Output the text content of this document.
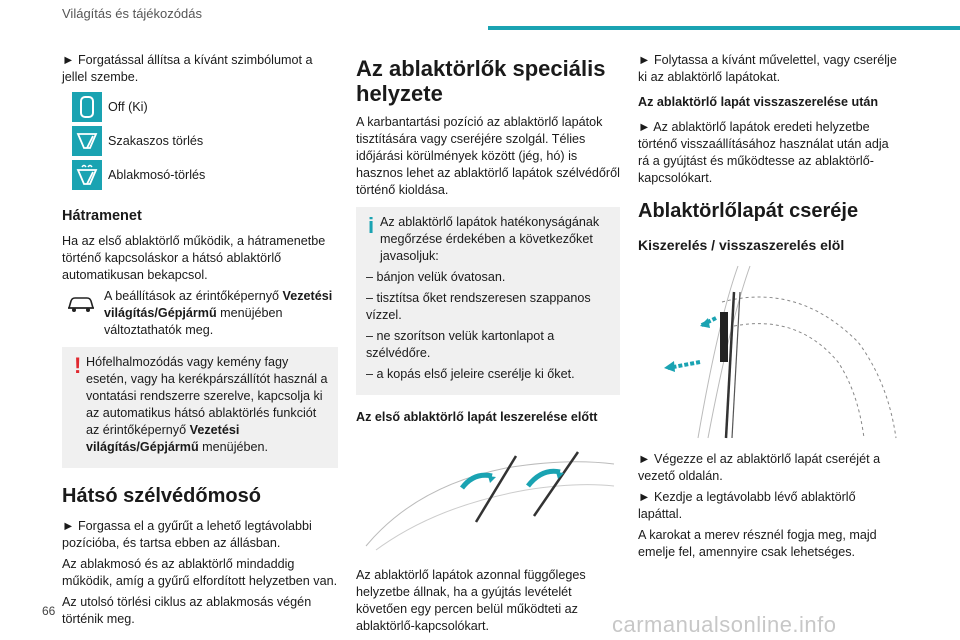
Világítás és tájékozódás

► Forgatással állítsa a kívánt szimbólumot a jellel szembe.

Off (Ki)
Szakaszos törlés
Ablakmosó-törlés
Hátramenet

Ha az első ablaktörlő működik, a hátramenetbe történő kapcsoláskor a hátsó ablaktörlő automatikusan bekapcsol.

A beállítások az érintőképernyő Vezetési világítás/Gépjármű menüjében változtathatók meg.
! Hófelhalmozódás vagy kemény fagy esetén, vagy ha kerékpárszállítót használ a vontatási rendszerre szerelve, kapcsolja ki az automatikus hátsó ablaktörlés funkciót az érintőképernyő Vezetési világítás/Gépjármű menüjében.

Hátsó szélvédőmosó

► Forgassa el a gyűrűt a lehető legtávolabbi pozícióba, és tartsa ebben az állásban.

Az ablakmosó és az ablaktörlő mindaddig működik, amíg a gyűrű elfordított helyzetben van.

Az utolsó törlési ciklus az ablakmosás végén történik meg.

Az ablaktörlők speciális helyzete

A karbantartási pozíció az ablaktörlő lapátok tisztítására vagy cseréjére szolgál. Télies időjárási körülmények között (jég, hó) is hasznos lehet az ablaktörlő lapátok szélvédőről történő kioldása.

i Az ablaktörlő lapátok hatékonyságának megőrzése érdekében a következőket javasoljuk:

– bánjon velük óvatosan.

– tisztítsa őket rendszeresen szappanos vízzel.

– ne szorítson velük kartonlapot a szélvédőre.

– a kopás első jeleire cserélje ki őket.

Az első ablaktörlő lapát leszerelése előtt

Az ablaktörlő lapátok azonnal függőleges helyzetbe állnak, ha a gyújtás levételét követően egy percen belül működteti az ablaktörlő-kapcsolókart.

► Folytassa a kívánt művelettel, vagy cserélje ki az ablaktörlő lapátokat.

Az ablaktörlő lapát visszaszerelése után

► Az ablaktörlő lapátok eredeti helyzetbe történő visszaállításához használat után adja rá a gyújtást és működtesse az ablaktörlő-kapcsolókart.

Ablaktörlőlapát cseréje
Kiszerelés / visszaszerelés elöl

► Végezze el az ablaktörlő lapát cseréjét a vezető oldalán.

► Kezdje a legtávolabb lévő ablaktörlő lapáttal.

A karokat a merev résznél fogja meg, majd emelje fel, amennyire csak lehetséges.

66
carmanualsonline.info
